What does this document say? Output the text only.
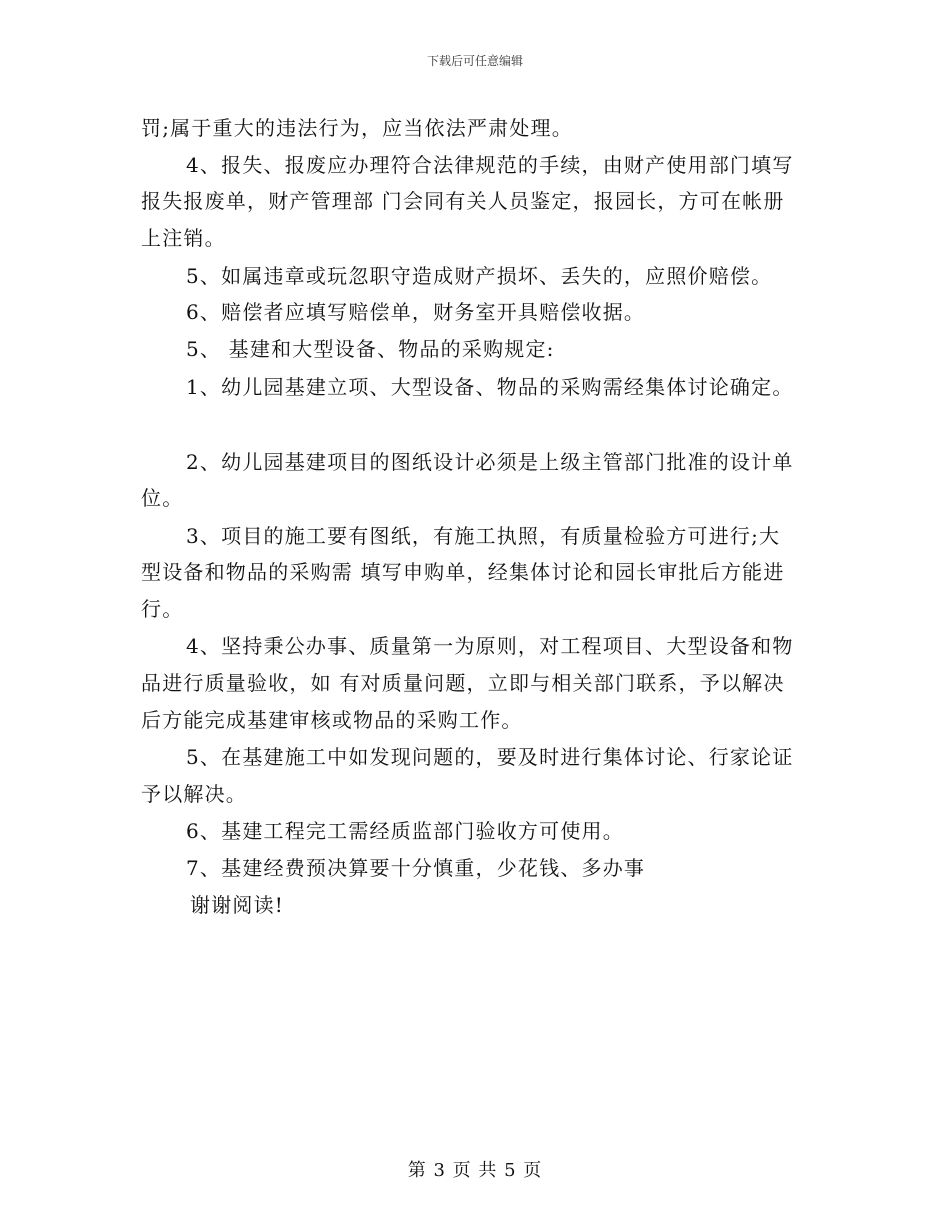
下载后可任意编辑
罚;属于重大的违法行为，应当依法严肃处理。
4、报失、报废应办理符合法律规范的手续，由财产使用部门填写
报失报废单，财产管理部 门会同有关人员鉴定，报园长，方可在帐册
上注销。
5、如属违章或玩忽职守造成财产损坏、丢失的，应照价赔偿。
6、赔偿者应填写赔偿单，财务室开具赔偿收据。
5、 基建和大型设备、物品的采购规定:
1、幼儿园基建立项、大型设备、物品的采购需经集体讨论确定。
2、幼儿园基建项目的图纸设计必须是上级主管部门批准的设计单
位。
3、项目的施工要有图纸，有施工执照，有质量检验方可进行;大
型设备和物品的采购需 填写申购单，经集体讨论和园长审批后方能进
行。
4、坚持秉公办事、质量第一为原则，对工程项目、大型设备和物
品进行质量验收，如 有对质量问题，立即与相关部门联系，予以解决
后方能完成基建审核或物品的采购工作。
5、在基建施工中如发现问题的，要及时进行集体讨论、行家论证
予以解决。
6、基建工程完工需经质监部门验收方可使用。
7、基建经费预决算要十分慎重，少花钱、多办事
谢谢阅读!
第 3 页 共 5 页
